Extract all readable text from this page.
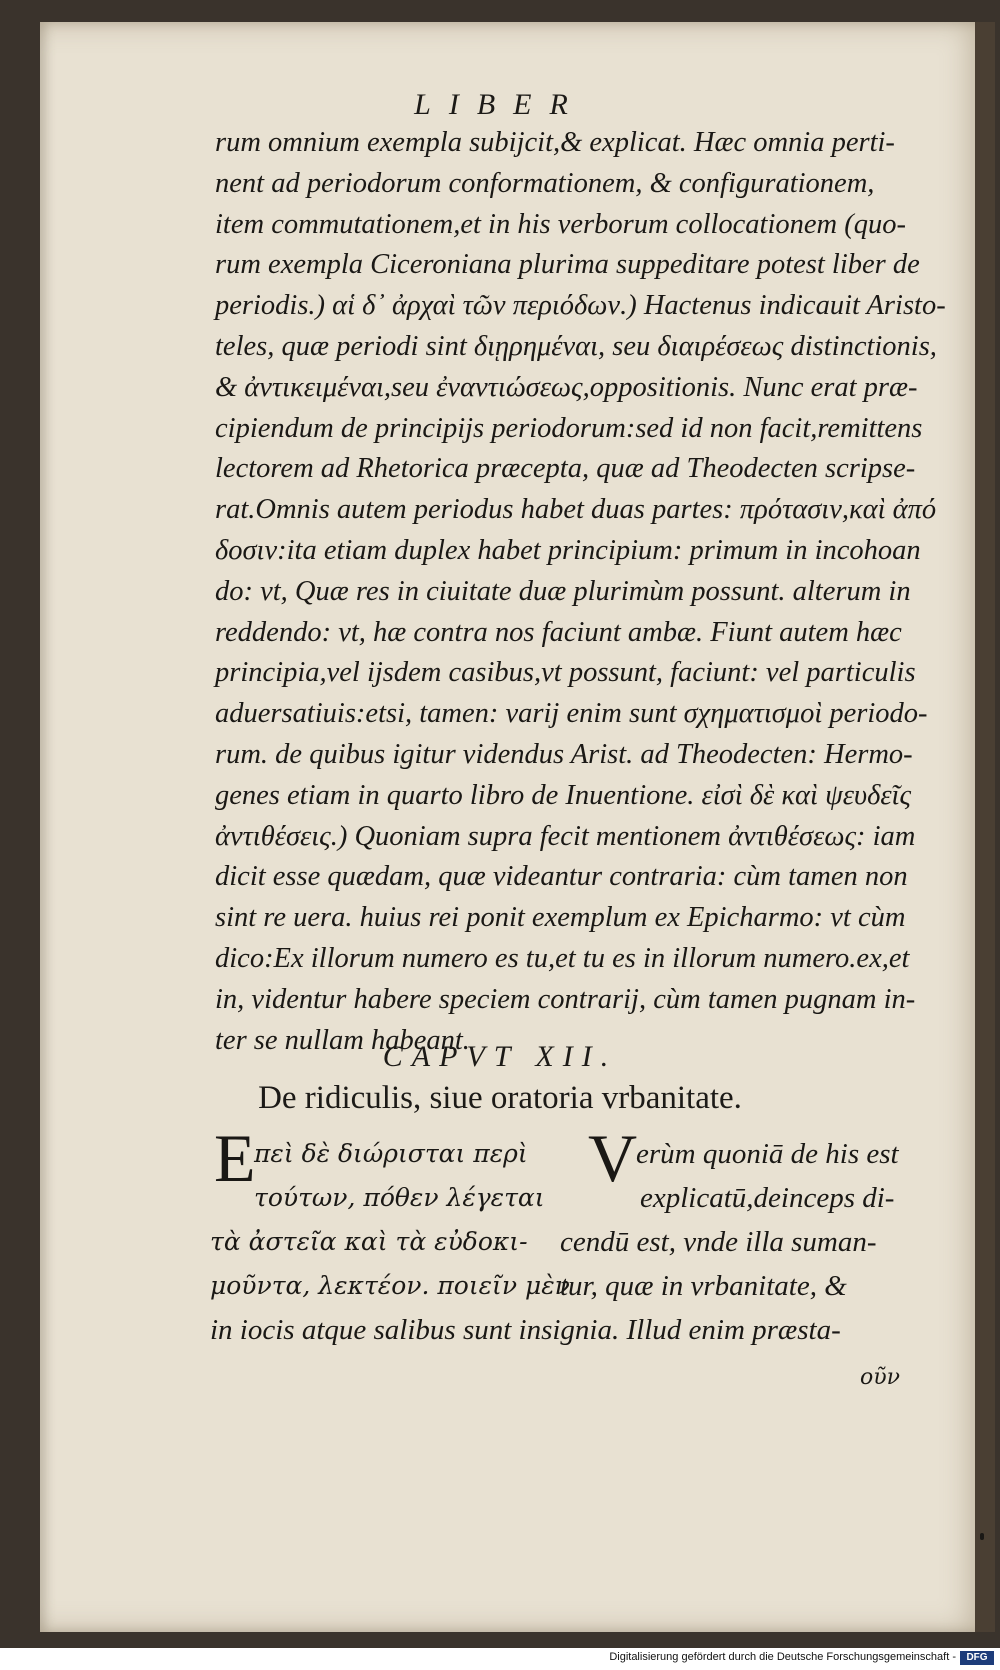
LIBER
rum omnium exempla subijcit,& explicat. Hæc omnia perti-
nent ad periodorum conformationem, & configurationem,
item commutationem,et in his verborum collocationem (quo-
rum exempla Ciceroniana plurima suppeditare potest liber de
periodis.) αἱ δ᾽ ἀρχαὶ τῶν περιόδων.) Hactenus indicauit Aristo-
teles, quæ periodi sint διῃρημέναι, seu διαιρέσεως distinctionis,
& ἀντικειμέναι,seu ἐναντιώσεως,oppositionis. Nunc erat præ-
cipiendum de principijs periodorum:sed id non facit,remittens
lectorem ad Rhetorica præcepta, quæ ad Theodecten scripse-
rat.Omnis autem periodus habet duas partes: πρότασιν,καὶ ἀπό
δοσιν:ita etiam duplex habet principium: primum in incohoan
do: vt, Quæ res in ciuitate duæ plurimùm possunt. alterum in
reddendo: vt, hæ contra nos faciunt ambæ. Fiunt autem hæc
principia,vel ijsdem casibus,vt possunt, faciunt: vel particulis
aduersatiuis:etsi, tamen: varij enim sunt σχηματισμοὶ periodo-
rum. de quibus igitur videndus Arist. ad Theodecten: Hermo-
genes etiam in quarto libro de Inuentione. εἰσὶ δὲ καὶ ψευδεῖς
ἀντιθέσεις.) Quoniam supra fecit mentionem ἀντιθέσεως: iam
dicit esse quædam, quæ videantur contraria: cùm tamen non
sint re uera. huius rei ponit exemplum ex Epicharmo: vt cùm
dico:Ex illorum numero es tu,et tu es in illorum numero.ex,et
in, videntur habere speciem contrarij, cùm tamen pugnam in-
ter se nullam habeant.
CAPVT XII.
De ridiculis, siue oratoria vrbanitate.
E
πεὶ δὲ διώρισται περὶ
τούτων, πόθεν λέγεται
τὰ ἀστεῖα καὶ τὰ εὐδοκι-
μοῦντα, λεκτέον. ποιεῖν μὲν
V
erùm quoniā de his est
explicatū,deinceps di-
cendū est, vnde illa suman-
tur, quæ in vrbanitate, &
in iocis atque salibus sunt insignia. Illud enim præsta-
οῦν
Digitalisierung gefördert durch die Deutsche Forschungsgemeinschaft -	DFG
